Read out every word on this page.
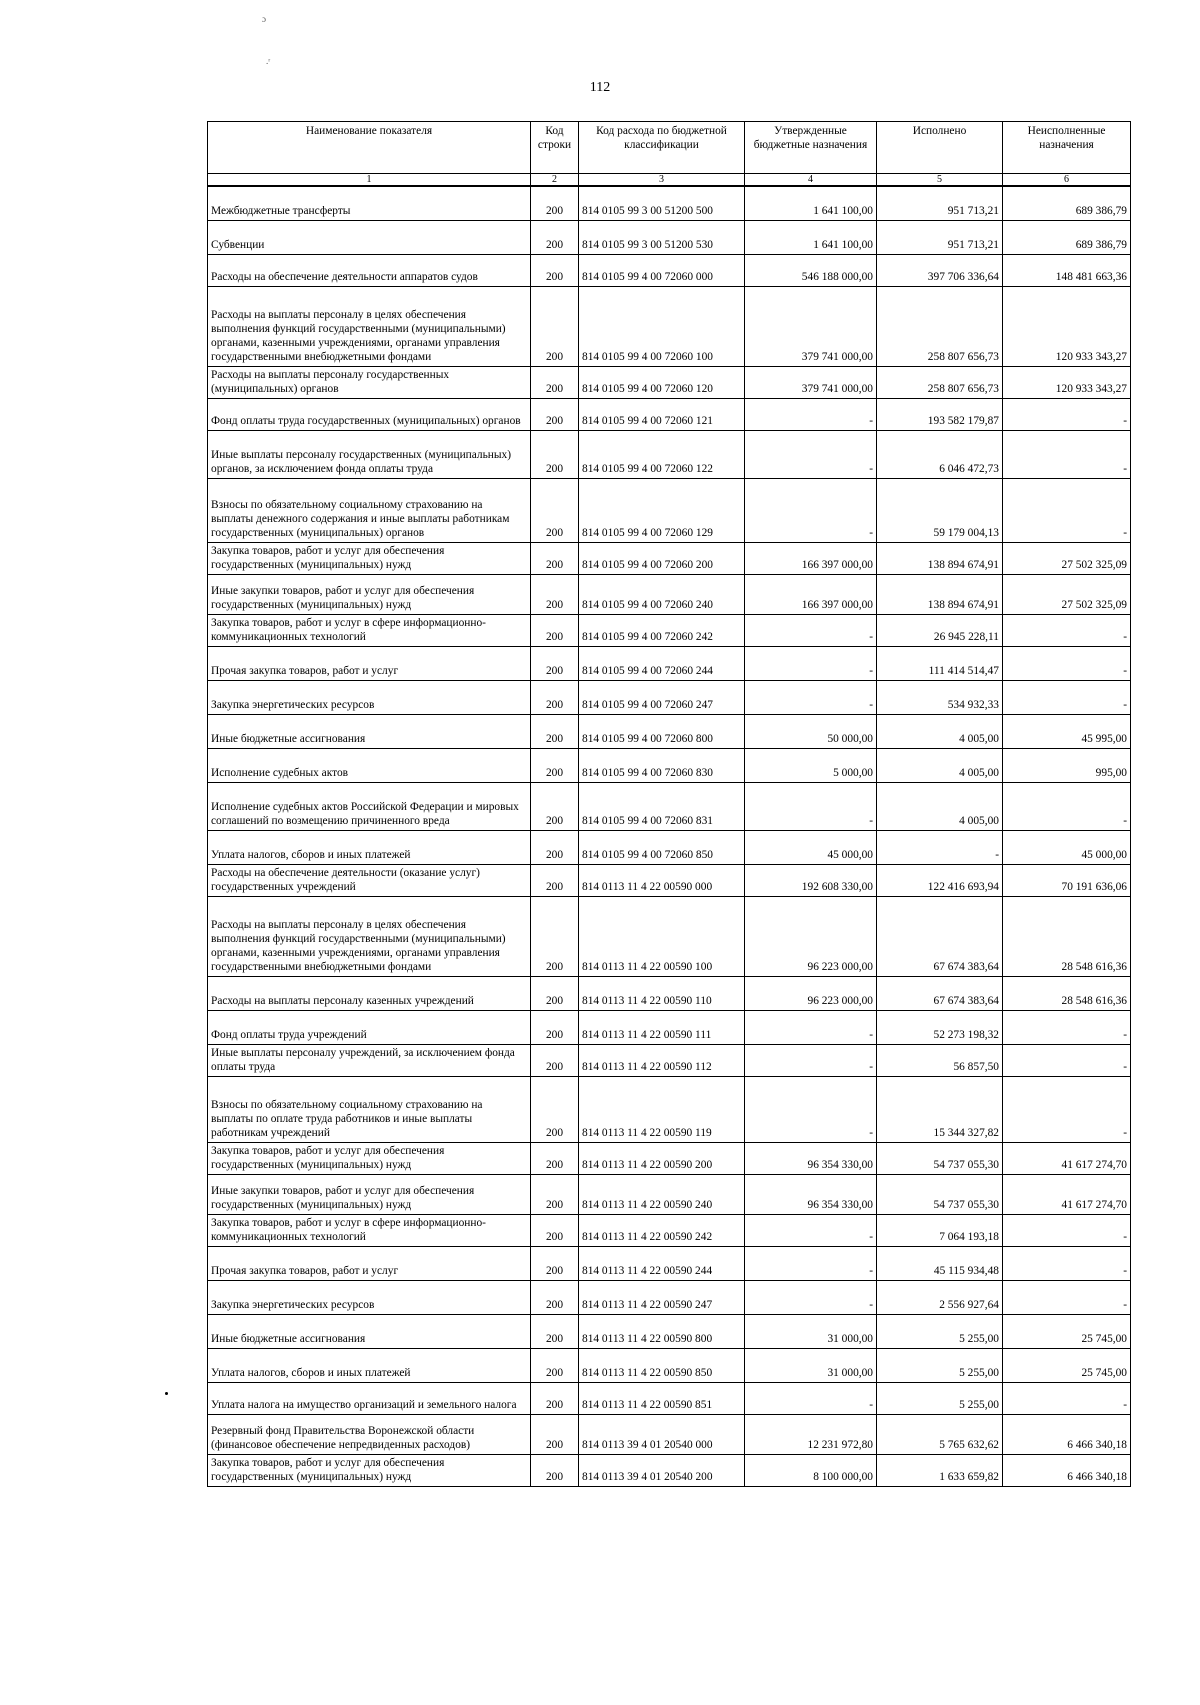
ɔ
.ʳ
112
Наименование показателя	Код строки	Код расхода по бюджетной классификации	Утвержденные бюджетные назначения	Исполнено	Неисполненные назначения
1	2	3	4	5	6
Межбюджетные трансферты	200	814 0105 99 3 00 51200 500	1 641 100,00	951 713,21	689 386,79
Субвенции	200	814 0105 99 3 00 51200 530	1 641 100,00	951 713,21	689 386,79
Расходы на обеспечение деятельности аппаратов судов	200	814 0105 99 4 00 72060 000	546 188 000,00	397 706 336,64	148 481 663,36
Расходы на выплаты персоналу в целях обеспечения выполнения функций государственными (муниципальными) органами, казенными учреждениями, органами управления государственными внебюджетными фондами	200	814 0105 99 4 00 72060 100	379 741 000,00	258 807 656,73	120 933 343,27
Расходы на выплаты персоналу государственных (муниципальных) органов	200	814 0105 99 4 00 72060 120	379 741 000,00	258 807 656,73	120 933 343,27
Фонд оплаты труда государственных (муниципальных) органов	200	814 0105 99 4 00 72060 121	-	193 582 179,87	-
Иные выплаты персоналу государственных (муниципальных) органов, за исключением фонда оплаты труда	200	814 0105 99 4 00 72060 122	-	6 046 472,73	-
Взносы по обязательному социальному страхованию на выплаты денежного содержания и иные выплаты работникам государственных (муниципальных) органов	200	814 0105 99 4 00 72060 129	-	59 179 004,13	-
Закупка товаров, работ и услуг для обеспечения государственных (муниципальных) нужд	200	814 0105 99 4 00 72060 200	166 397 000,00	138 894 674,91	27 502 325,09
Иные закупки товаров, работ и услуг для обеспечения государственных (муниципальных) нужд	200	814 0105 99 4 00 72060 240	166 397 000,00	138 894 674,91	27 502 325,09
Закупка товаров, работ и услуг в сфере информационно-коммуникационных технологий	200	814 0105 99 4 00 72060 242	-	26 945 228,11	-
Прочая закупка товаров, работ и услуг	200	814 0105 99 4 00 72060 244	-	111 414 514,47	-
Закупка энергетических ресурсов	200	814 0105 99 4 00 72060 247	-	534 932,33	-
Иные бюджетные ассигнования	200	814 0105 99 4 00 72060 800	50 000,00	4 005,00	45 995,00
Исполнение судебных актов	200	814 0105 99 4 00 72060 830	5 000,00	4 005,00	995,00
Исполнение судебных актов Российской Федерации и мировых соглашений по возмещению причиненного вреда	200	814 0105 99 4 00 72060 831	-	4 005,00	-
Уплата налогов, сборов и иных платежей	200	814 0105 99 4 00 72060 850	45 000,00	-	45 000,00
Расходы на обеспечение деятельности (оказание услуг) государственных учреждений	200	814 0113 11 4 22 00590 000	192 608 330,00	122 416 693,94	70 191 636,06
Расходы на выплаты персоналу в целях обеспечения выполнения функций государственными (муниципальными) органами, казенными учреждениями, органами управления государственными внебюджетными фондами	200	814 0113 11 4 22 00590 100	96 223 000,00	67 674 383,64	28 548 616,36
Расходы на выплаты персоналу казенных учреждений	200	814 0113 11 4 22 00590 110	96 223 000,00	67 674 383,64	28 548 616,36
Фонд оплаты труда учреждений	200	814 0113 11 4 22 00590 111	-	52 273 198,32	-
Иные выплаты персоналу учреждений, за исключением фонда оплаты труда	200	814 0113 11 4 22 00590 112	-	56 857,50	-
Взносы по обязательному социальному страхованию на выплаты по оплате труда работников и иные выплаты работникам учреждений	200	814 0113 11 4 22 00590 119	-	15 344 327,82	-
Закупка товаров, работ и услуг для обеспечения государственных (муниципальных) нужд	200	814 0113 11 4 22 00590 200	96 354 330,00	54 737 055,30	41 617 274,70
Иные закупки товаров, работ и услуг для обеспечения государственных (муниципальных) нужд	200	814 0113 11 4 22 00590 240	96 354 330,00	54 737 055,30	41 617 274,70
Закупка товаров, работ и услуг в сфере информационно-коммуникационных технологий	200	814 0113 11 4 22 00590 242	-	7 064 193,18	-
Прочая закупка товаров, работ и услуг	200	814 0113 11 4 22 00590 244	-	45 115 934,48	-
Закупка энергетических ресурсов	200	814 0113 11 4 22 00590 247	-	2 556 927,64	-
Иные бюджетные ассигнования	200	814 0113 11 4 22 00590 800	31 000,00	5 255,00	25 745,00
Уплата налогов, сборов и иных платежей	200	814 0113 11 4 22 00590 850	31 000,00	5 255,00	25 745,00
Уплата налога на имущество организаций и земельного налога	200	814 0113 11 4 22 00590 851	-	5 255,00	-
Резервный фонд Правительства Воронежской области (финансовое обеспечение непредвиденных расходов)	200	814 0113 39 4 01 20540 000	12 231 972,80	5 765 632,62	6 466 340,18
Закупка товаров, работ и услуг для обеспечения государственных (муниципальных) нужд	200	814 0113 39 4 01 20540 200	8 100 000,00	1 633 659,82	6 466 340,18
